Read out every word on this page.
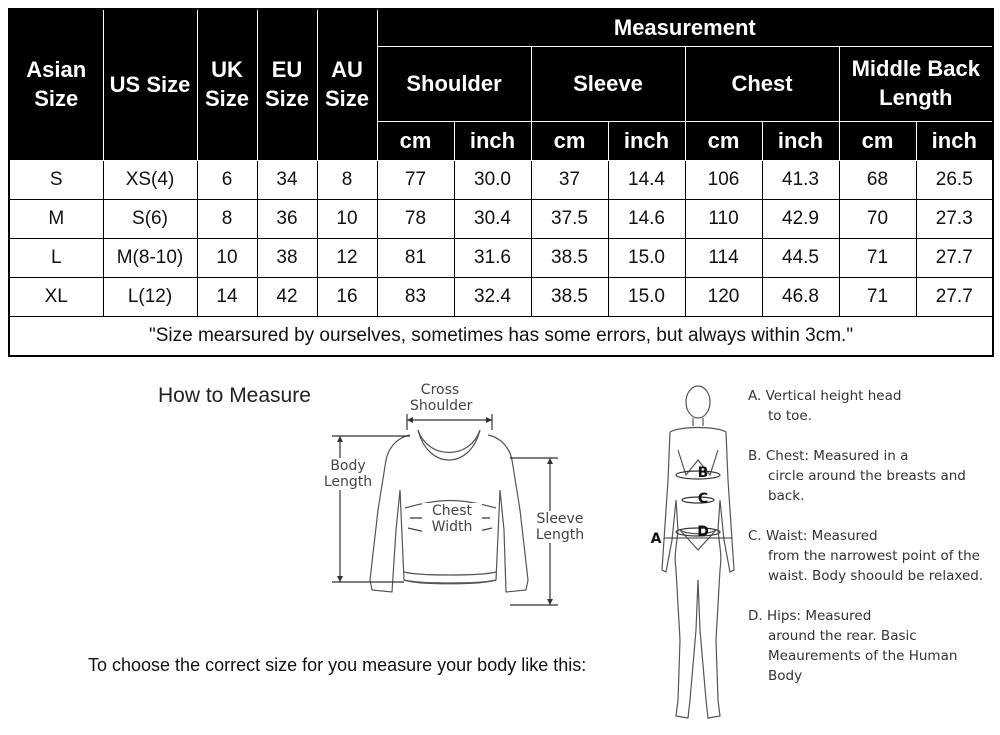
Asian Size	US Size	UK Size	EU Size	AU Size	Measurement							
					Shoulder		Sleeve		Chest		Middle Back Length	
					cm	inch	cm	inch	cm	inch	cm	inch
S	XS(4)	6	34	8	77	30.0	37	14.4	106	41.3	68	26.5
M	S(6)	8	36	10	78	30.4	37.5	14.6	110	42.9	70	27.3
L	M(8-10)	10	38	12	81	31.6	38.5	15.0	114	44.5	71	27.7
XL	L(12)	14	42	16	83	32.4	38.5	15.0	120	46.8	71	27.7
"Size mearsured by ourselves, sometimes has some errors, but always within 3cm."												
How to Measure	Cross
Shoulder
Body
Length
Chest
Width	Sleeve
Length
B
C
D
A
A. Vertical height head
to toe.
B. Chest: Measured in a
circle around the breasts and back.
C. Waist: Measured
from the narrowest point of the waist. Body shoould be relaxed.
D. Hips: Measured
around the rear. Basic Meaurements of the Human Body
To choose the correct size for you measure your body like this:
